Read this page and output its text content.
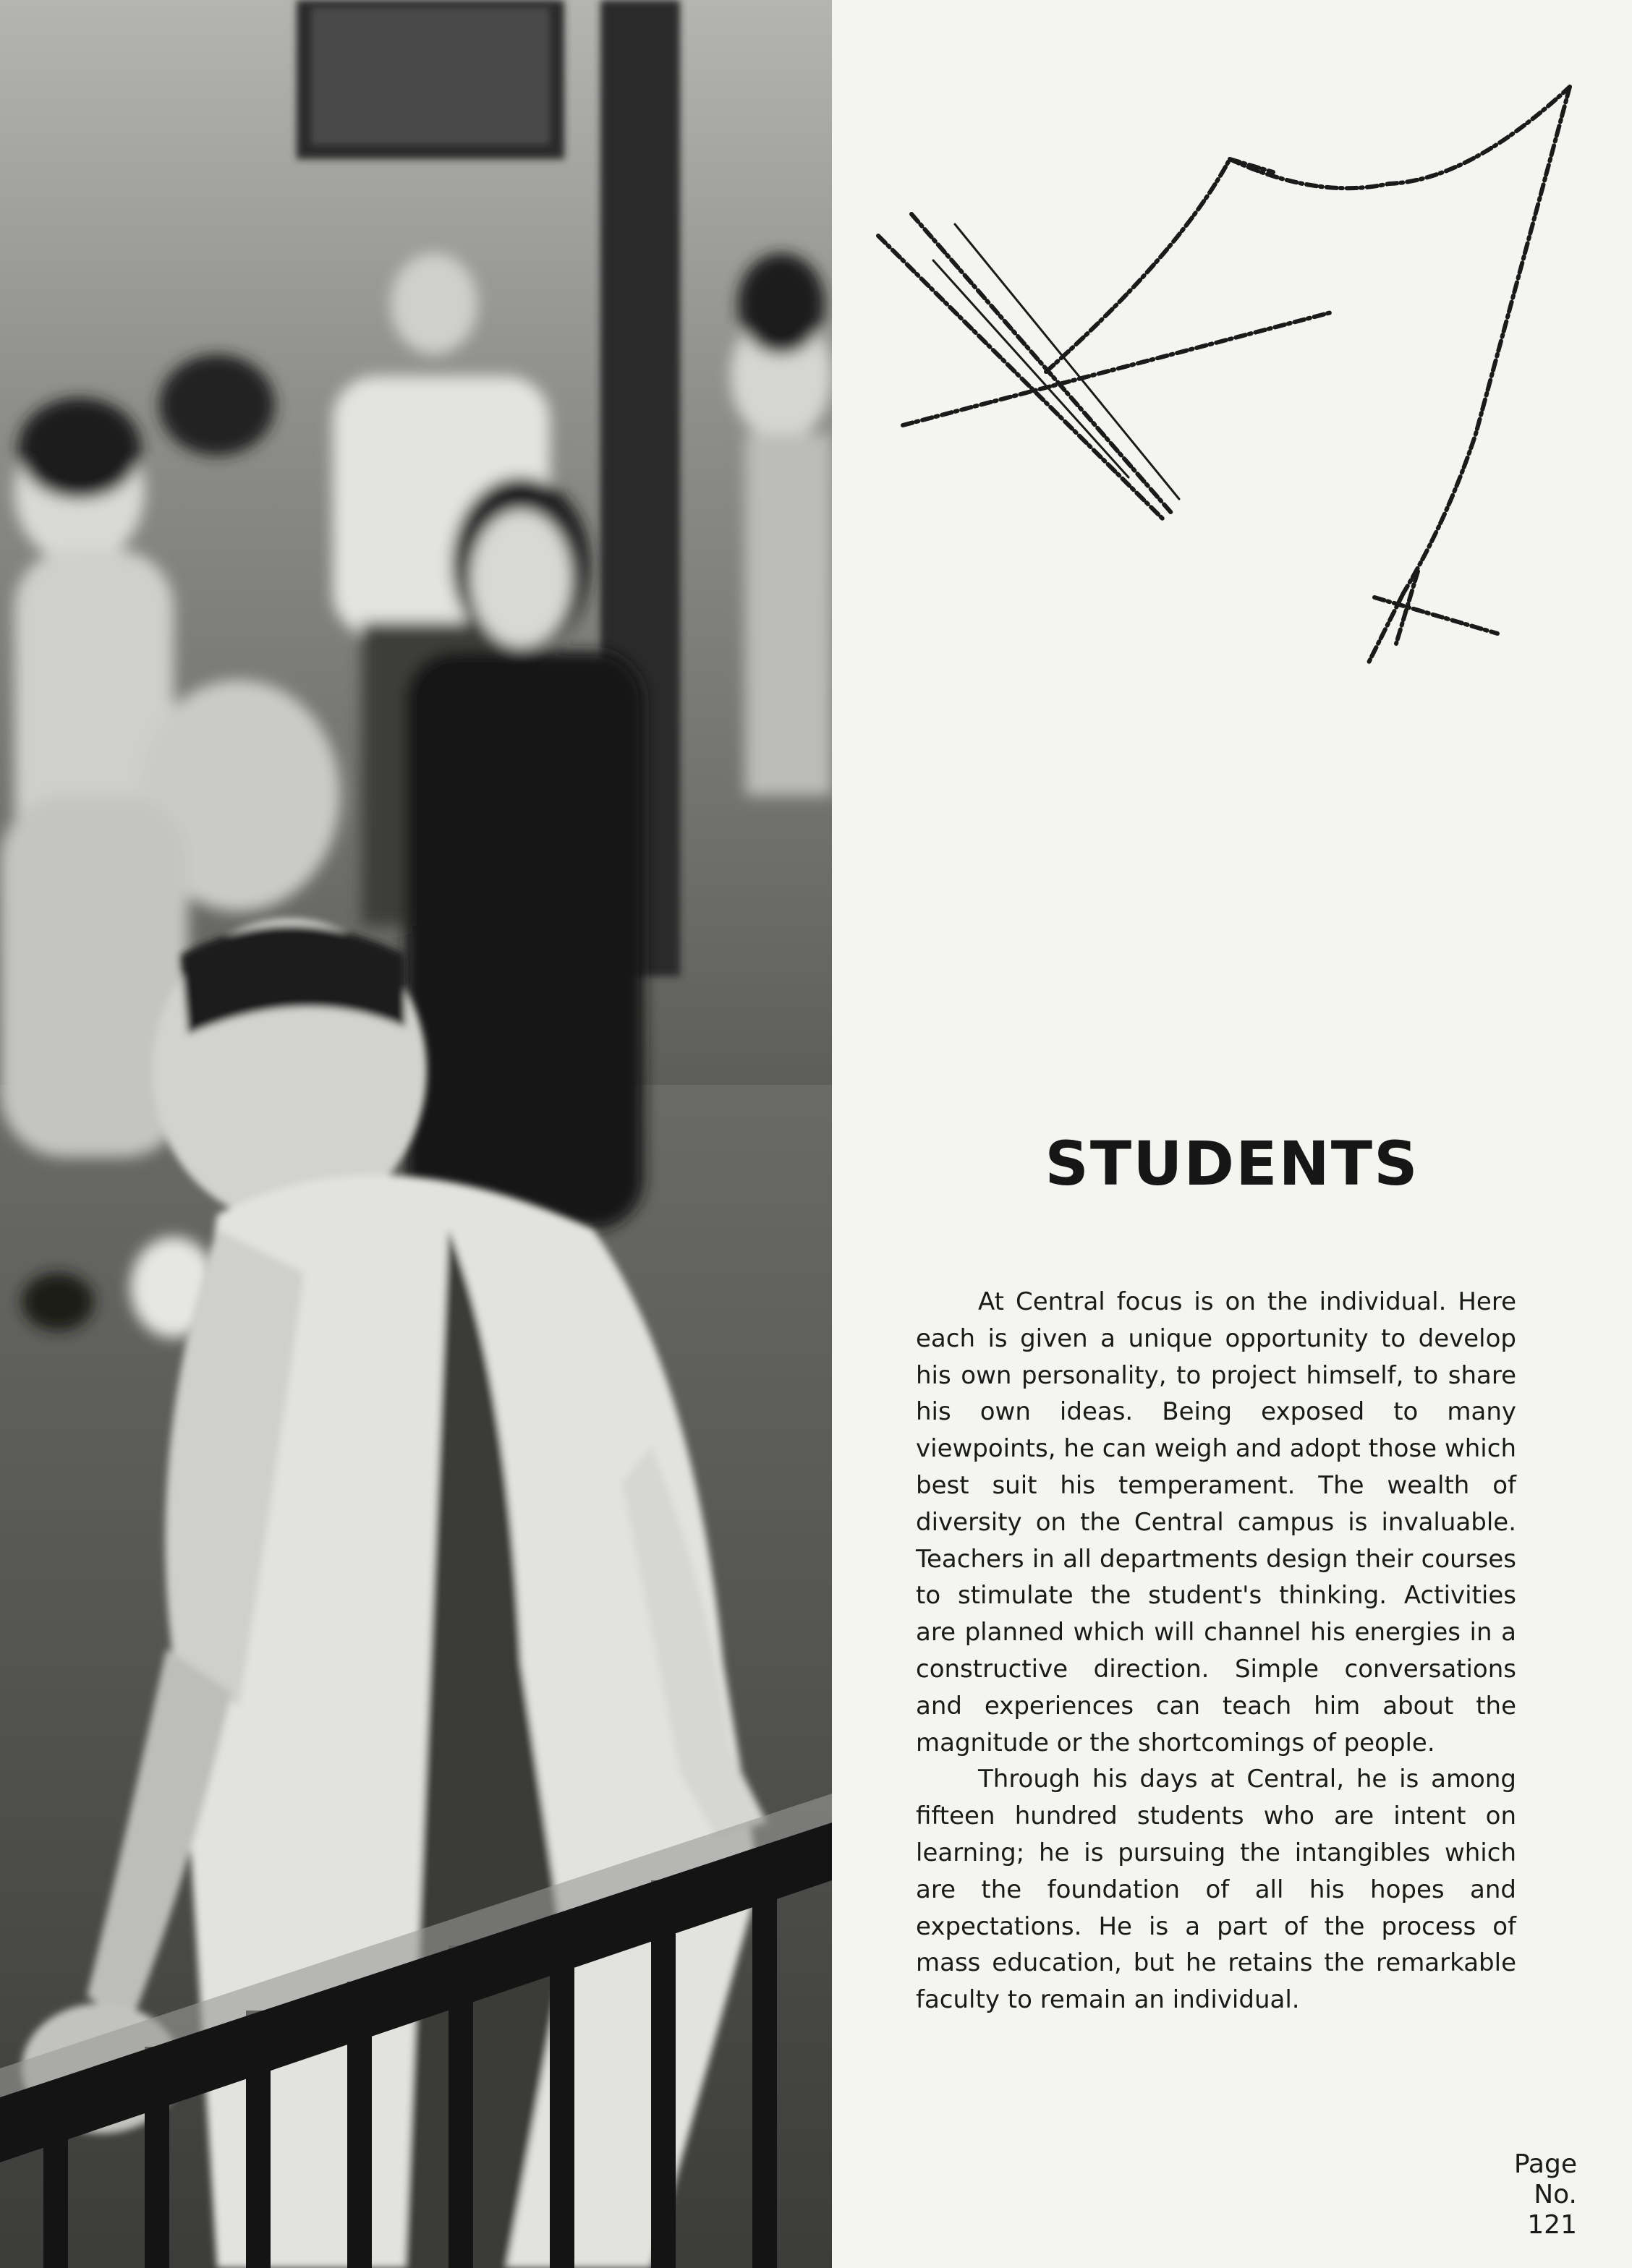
STUDENTS

At Central focus is on the individual. Here each is given a unique opportunity to develop his own personality, to project himself, to share his own ideas. Being exposed to many viewpoints, he can weigh and adopt those which best suit his temperament. The wealth of diversity on the Central campus is invaluable. Teachers in all departments design their courses to stimulate the student's thinking. Activities are planned which will channel his energies in a constructive direction. Simple conversations and experiences can teach him about the magnitude or the shortcomings of people.

Through his days at Central, he is among fifteen hundred students who are intent on learning; he is pursuing the intangibles which are the foundation of all his hopes and expectations. He is a part of the process of mass education, but he retains the remarkable faculty to remain an individual.

Page
No.
121
